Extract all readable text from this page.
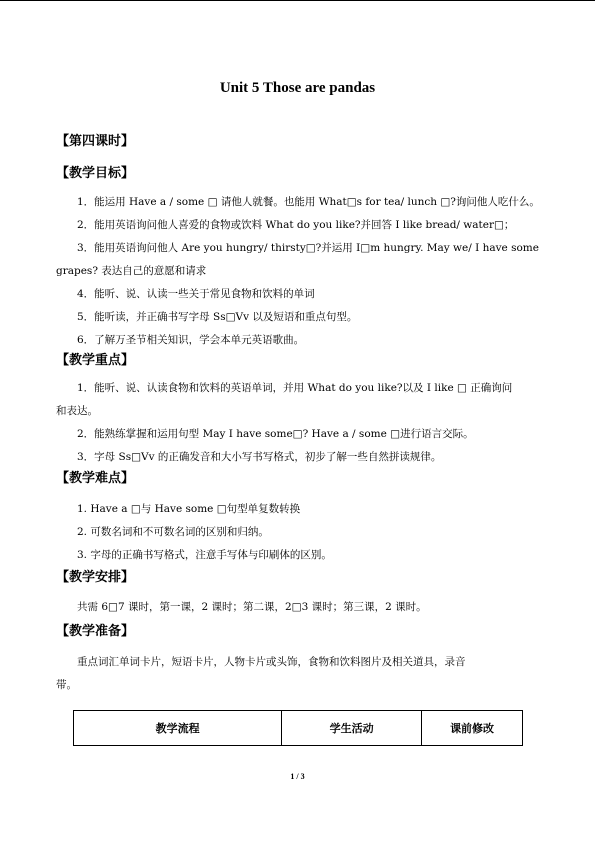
Unit 5 Those are pandas
【第四课时】
【教学目标】
1．能运用 Have a / some □ 请他人就餐。也能用 What□s for tea/ lunch □?询问他人吃什么。
2．能用英语询问他人喜爱的食物或饮料 What do you like?并回答 I like bread/ water□；
3．能用英语询问他人 Are you hungry/ thirsty□?并运用 I□m hungry. May we/ I have some
grapes? 表达自己的意愿和请求
4．能听、说、认读一些关于常见食物和饮料的单词
5．能听读，并正确书写字母 Ss□Vv 以及短语和重点句型。
6．了解万圣节相关知识，学会本单元英语歌曲。
【教学重点】
1．能听、说、认读食物和饮料的英语单词，并用 What do you like?以及 I like □ 正确询问
和表达。
2．能熟练掌握和运用句型 May I have some□? Have a / some □进行语言交际。
3．字母 Ss□Vv 的正确发音和大小写书写格式，初步了解一些自然拼读规律。
【教学难点】
1. Have a □与 Have some □句型单复数转换
2. 可数名词和不可数名词的区别和归纳。
3. 字母的正确书写格式，注意手写体与印刷体的区别。
【教学安排】
共需 6□7 课时，第一课，2 课时；第二课，2□3 课时；第三课，2 课时。
【教学准备】
重点词汇单词卡片，短语卡片，人物卡片或头饰，食物和饮料图片及相关道具，录音
带。
教学流程	学生活动	课前修改
1 / 3
